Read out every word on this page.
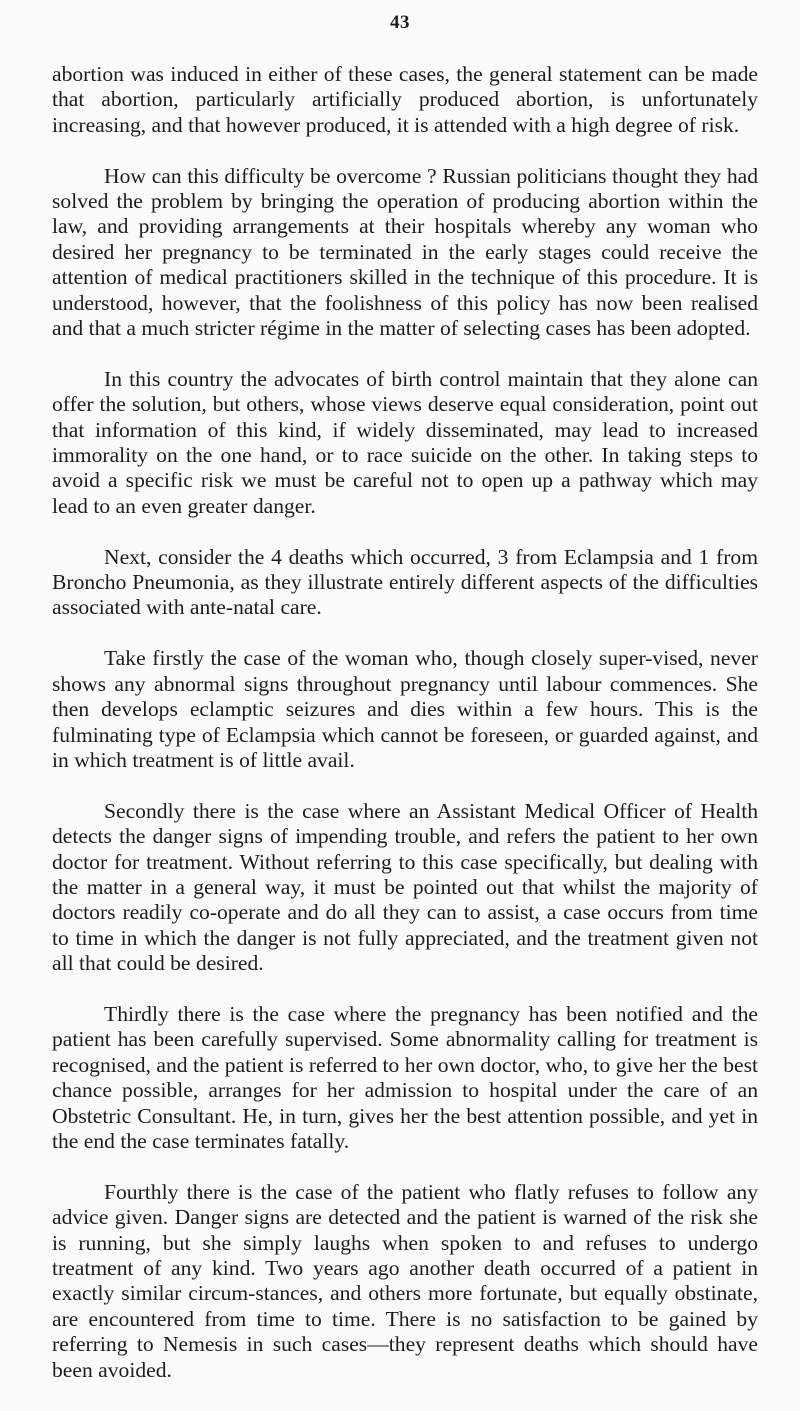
43

abortion was induced in either of these cases, the general statement can be made that abortion, particularly artificially produced abortion, is unfortunately increasing, and that however produced, it is attended with a high degree of risk.

How can this difficulty be overcome ? Russian politicians thought they had solved the problem by bringing the operation of producing abortion within the law, and providing arrangements at their hospitals whereby any woman who desired her pregnancy to be terminated in the early stages could receive the attention of medical practitioners skilled in the technique of this procedure. It is understood, however, that the foolishness of this policy has now been realised and that a much stricter régime in the matter of selecting cases has been adopted.

In this country the advocates of birth control maintain that they alone can offer the solution, but others, whose views deserve equal consideration, point out that information of this kind, if widely disseminated, may lead to increased immorality on the one hand, or to race suicide on the other. In taking steps to avoid a specific risk we must be careful not to open up a pathway which may lead to an even greater danger.

Next, consider the 4 deaths which occurred, 3 from Eclampsia and 1 from Broncho Pneumonia, as they illustrate entirely different aspects of the difficulties associated with ante-natal care.

Take firstly the case of the woman who, though closely super-vised, never shows any abnormal signs throughout pregnancy until labour commences. She then develops eclamptic seizures and dies within a few hours. This is the fulminating type of Eclampsia which cannot be foreseen, or guarded against, and in which treatment is of little avail.

Secondly there is the case where an Assistant Medical Officer of Health detects the danger signs of impending trouble, and refers the patient to her own doctor for treatment. Without referring to this case specifically, but dealing with the matter in a general way, it must be pointed out that whilst the majority of doctors readily co-operate and do all they can to assist, a case occurs from time to time in which the danger is not fully appreciated, and the treatment given not all that could be desired.

Thirdly there is the case where the pregnancy has been notified and the patient has been carefully supervised. Some abnormality calling for treatment is recognised, and the patient is referred to her own doctor, who, to give her the best chance possible, arranges for her admission to hospital under the care of an Obstetric Consultant. He, in turn, gives her the best attention possible, and yet in the end the case terminates fatally.

Fourthly there is the case of the patient who flatly refuses to follow any advice given. Danger signs are detected and the patient is warned of the risk she is running, but she simply laughs when spoken to and refuses to undergo treatment of any kind. Two years ago another death occurred of a patient in exactly similar circum-stances, and others more fortunate, but equally obstinate, are encountered from time to time. There is no satisfaction to be gained by referring to Nemesis in such cases—they represent deaths which should have been avoided.
